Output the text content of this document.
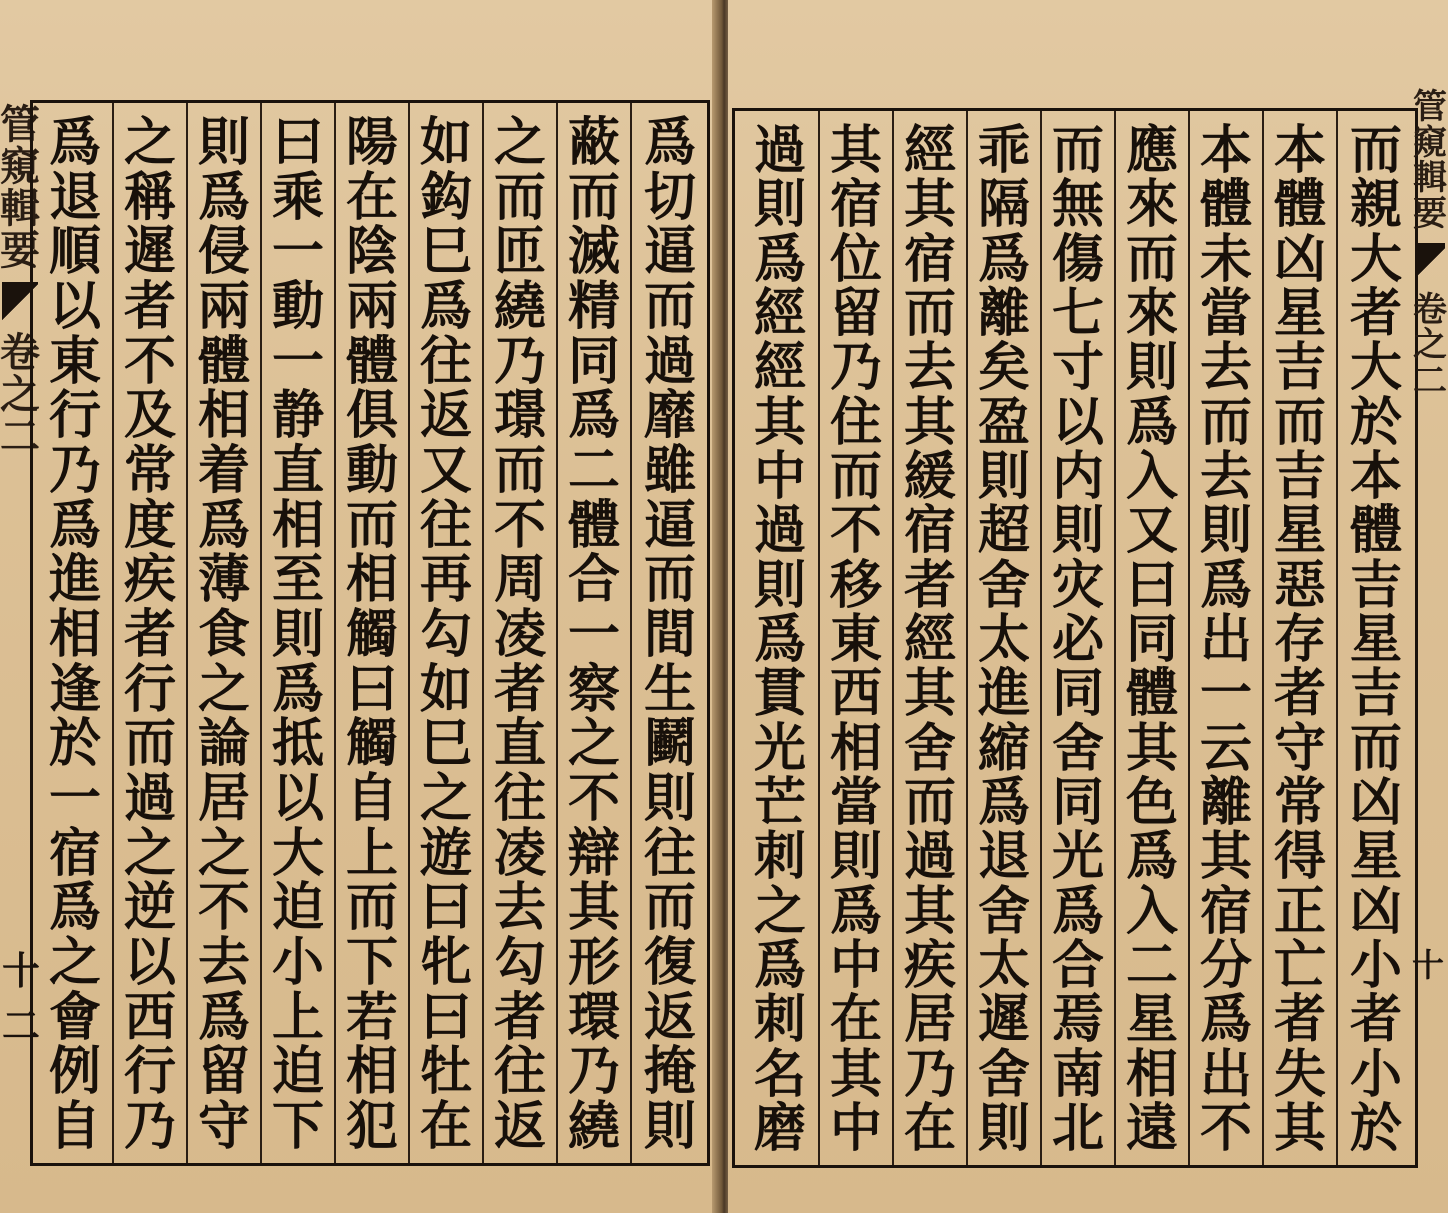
管
窺
輯
要
卷
之
二
十
二
爲
切
逼
而
過
靡
雖
逼
而
間
生
鬬
則
往
而
復
返
掩
則
蔽
而
滅
精
同
爲
二
體
合
一
察
之
不
辯
其
形
環
乃
繞
之
而
匝
繞
乃
璟
而
不
周
凌
者
直
往
凌
去
勾
者
往
返
如
鈎
巳
爲
往
返
又
往
再
勾
如
巳
之
遊
曰
牝
曰
牡
在
陽
在
陰
兩
體
俱
動
而
相
觸
曰
觸
自
上
而
下
若
相
犯
曰
乘
一
動
一
静
直
相
至
則
爲
抵
以
大
迫
小
上
迫
下
則
爲
侵
兩
體
相
着
爲
薄
食
之
論
居
之
不
去
爲
留
守
之
稱
遲
者
不
及
常
度
疾
者
行
而
過
之
逆
以
西
行
乃
爲
退
順
以
東
行
乃
爲
進
相
逢
於
一
宿
爲
之
會
例
自
而
親
大
者
大
於
本
體
吉
星
吉
而
凶
星
凶
小
者
小
於
本
體
凶
星
吉
而
吉
星
惡
存
者
守
常
得
正
亡
者
失
其
本
體
未
當
去
而
去
則
爲
出
一
云
離
其
宿
分
爲
出
不
應
來
而
來
則
爲
入
又
曰
同
體
其
色
爲
入
二
星
相
遠
而
無
傷
七
寸
以
内
則
灾
必
同
舍
同
光
爲
合
焉
南
北
乖
隔
爲
離
矣
盈
則
超
舍
太
進
縮
爲
退
舍
太
遲
舍
則
經
其
宿
而
去
其
緩
宿
者
經
其
舍
而
過
其
疾
居
乃
在
其
宿
位
留
乃
住
而
不
移
東
西
相
當
則
爲
中
在
其
中
過
則
爲
經
經
其
中
過
則
爲
貫
光
芒
刺
之
爲
刺
名
磨
管
窺
輯
要
卷
之
二
十
